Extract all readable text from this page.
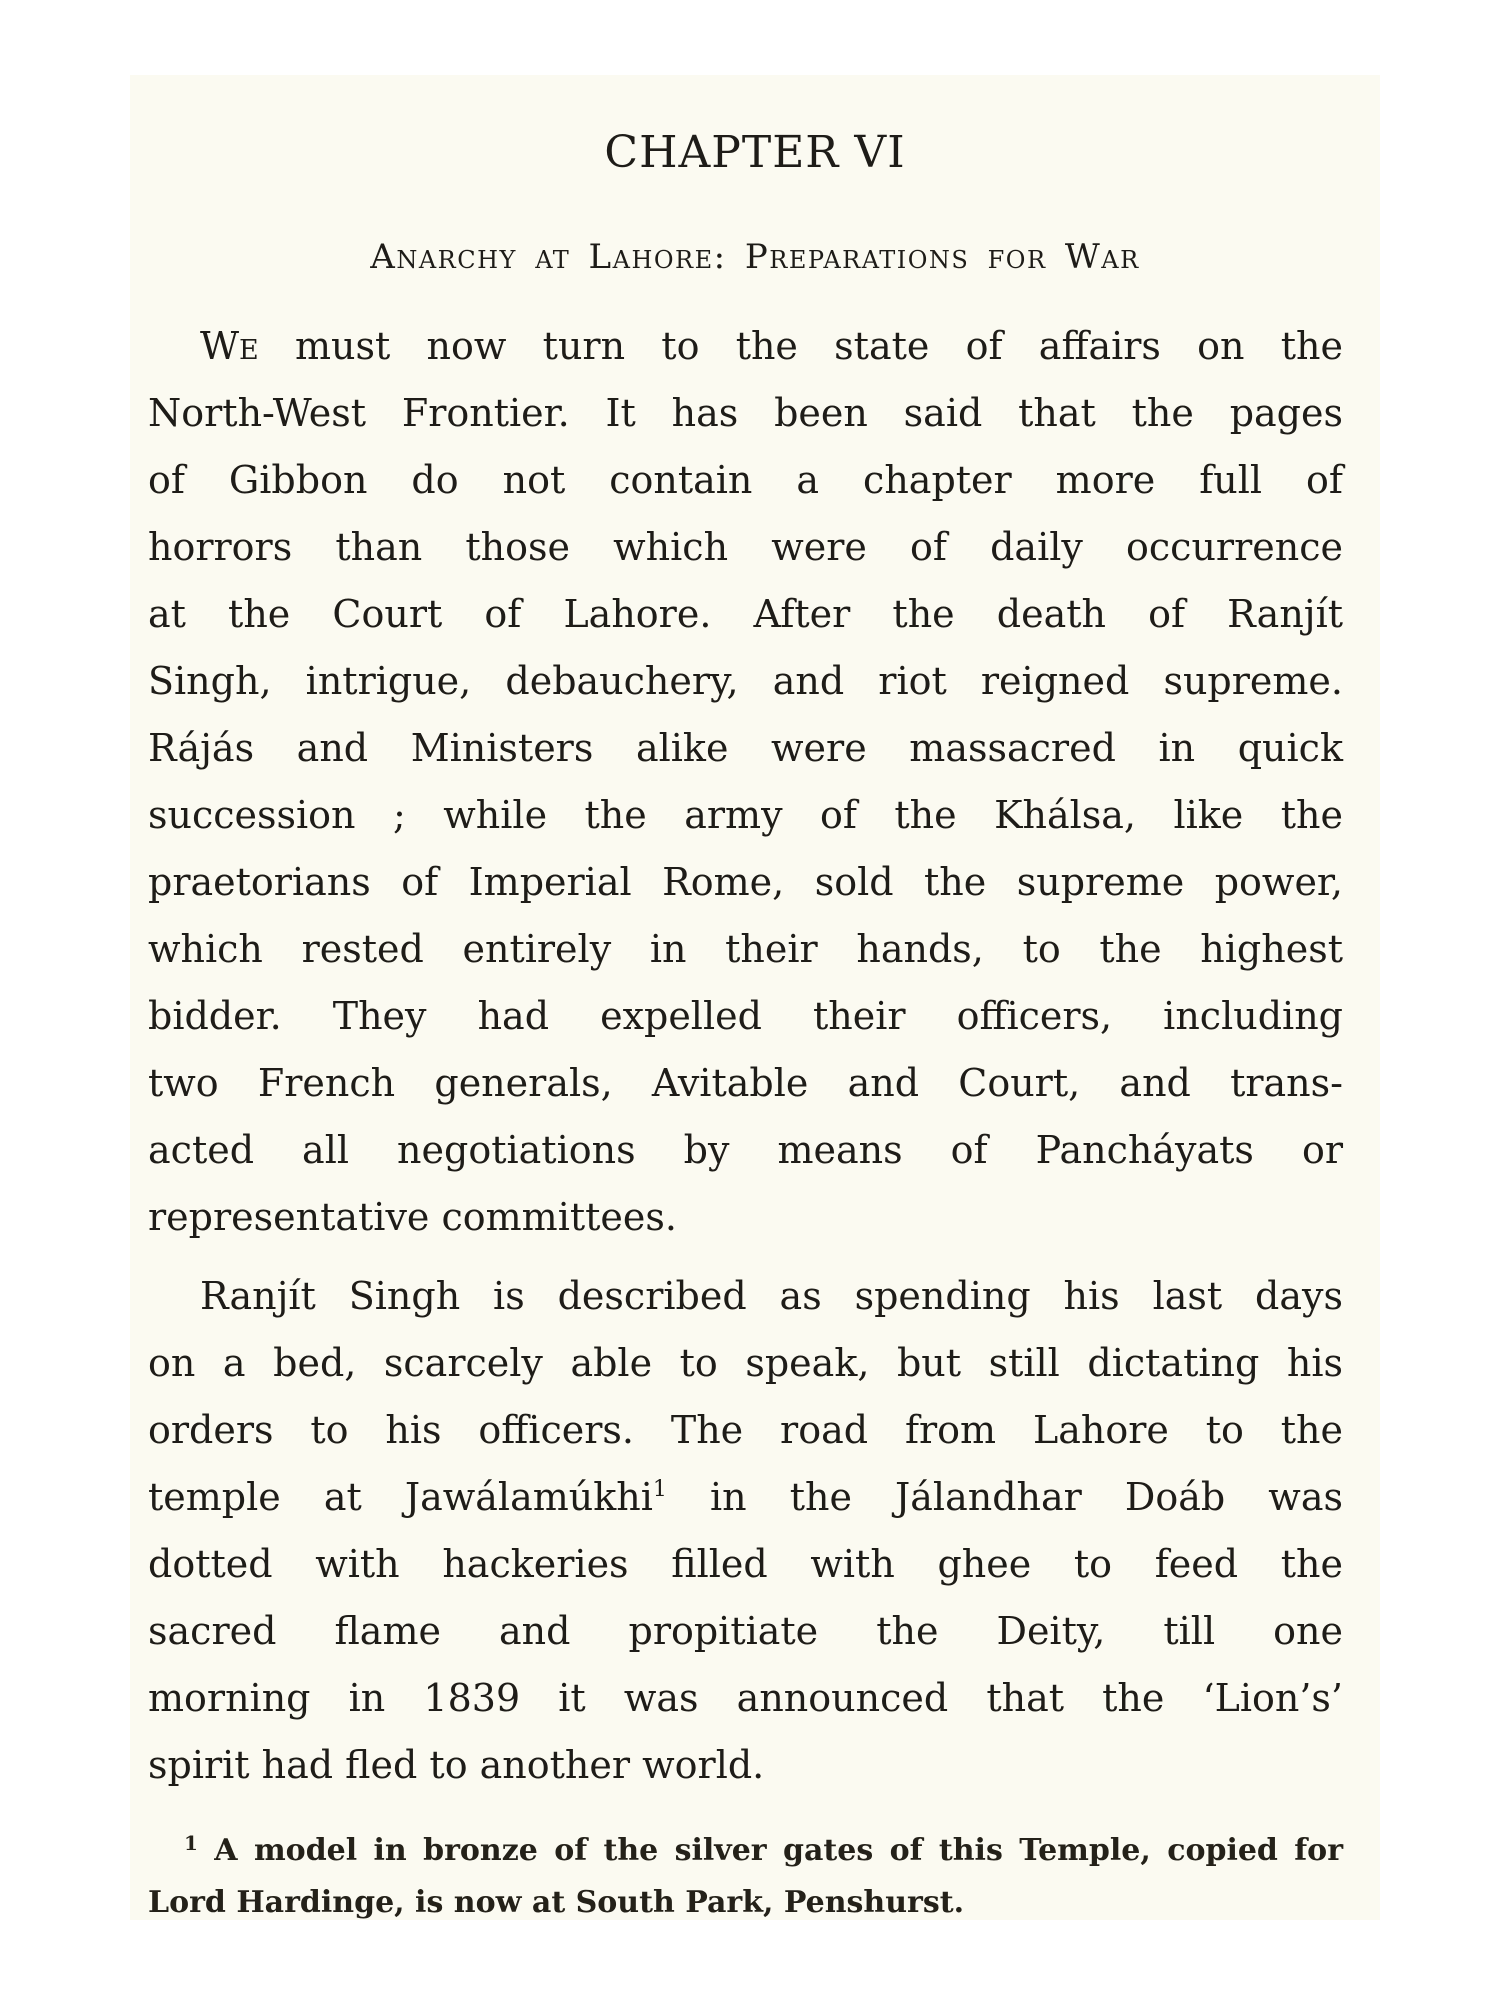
CHAPTER VI
Anarchy at Lahore: Preparations for War
We must now turn to the state of affairs on the
North-West Frontier. It has been said that the pages
of Gibbon do not contain a chapter more full of
horrors than those which were of daily occurrence
at the Court of Lahore. After the death of Ranjít
Singh, intrigue, debauchery, and riot reigned supreme.
Rájás and Ministers alike were massacred in quick
succession ; while the army of the Khálsa, like the
praetorians of Imperial Rome, sold the supreme power,
which rested entirely in their hands, to the highest
bidder. They had expelled their officers, including
two French generals, Avitable and Court, and trans-
acted all negotiations by means of Pancháyats or
representative committees.
Ranjít Singh is described as spending his last days
on a bed, scarcely able to speak, but still dictating his
orders to his officers. The road from Lahore to the
temple at Jawálamúkhi$^1$ in the Jálandhar Doáb was
dotted with hackeries filled with ghee to feed the
sacred flame and propitiate the Deity, till one
morning in 1839 it was announced that the ‘Lion’s’
spirit had fled to another world.
$^1$ A model in bronze of the silver gates of this Temple, copied for
Lord Hardinge, is now at South Park, Penshurst.
